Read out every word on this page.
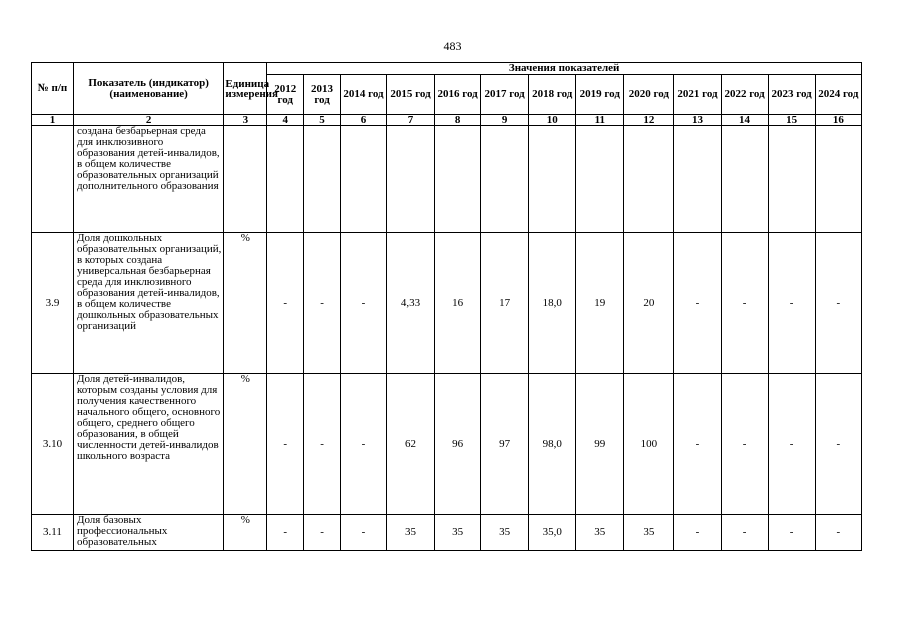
483
№ п/п	Показатель (индикатор) (наименование)	Единица измерения	Значения показателей												
			2012 год	2013 год	2014 год	2015 год	2016 год	2017 год	2018 год	2019 год	2020 год	2021 год	2022 год	2023 год	2024 год
1	2	3	4	5	6	7	8	9	10	11	12	13	14	15	16
	создана безбарьерная среда для инклюзивного образования детей-инвалидов, в общем количестве образовательных организаций дополнительного образования														
3.9	Доля дошкольных образовательных организаций, в которых создана универсальная безбарьерная среда для инклюзивного образования детей-инвалидов, в общем количестве дошкольных образовательных организаций	%	-	-	-	4,33	16	17	18,0	19	20	-	-	-	-
3.10	Доля детей-инвалидов, которым созданы условия для получения качественного начального общего, основного общего, среднего общего образования, в общей численности детей-инвалидов школьного возраста	%	-	-	-	62	96	97	98,0	99	100	-	-	-	-
3.11	Доля базовых профессиональных образовательных	%	-	-	-	35	35	35	35,0	35	35	-	-	-	-
